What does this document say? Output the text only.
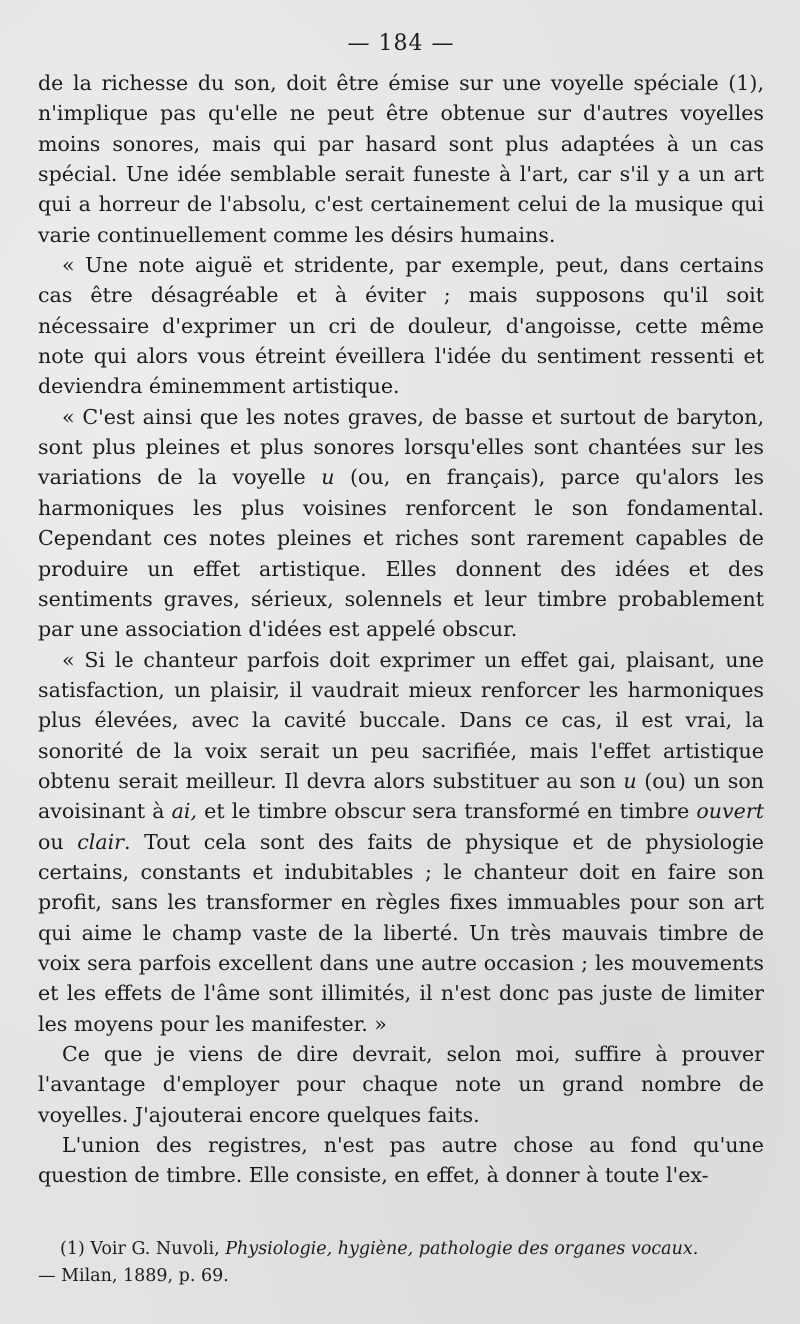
— 184 —

de la richesse du son, doit être émise sur une voyelle spéciale (1), n'implique pas qu'elle ne peut être obtenue sur d'autres voyelles moins sonores, mais qui par hasard sont plus adaptées à un cas spécial. Une idée semblable serait funeste à l'art, car s'il y a un art qui a horreur de l'absolu, c'est certainement celui de la musique qui varie continuellement comme les désirs humains.

« Une note aiguë et stridente, par exemple, peut, dans certains cas être désagréable et à éviter ; mais supposons qu'il soit nécessaire d'exprimer un cri de douleur, d'angoisse, cette même note qui alors vous étreint éveillera l'idée du sentiment ressenti et deviendra éminemment artistique.

« C'est ainsi que les notes graves, de basse et surtout de baryton, sont plus pleines et plus sonores lorsqu'elles sont chantées sur les variations de la voyelle u (ou, en français), parce qu'alors les harmoniques les plus voisines renforcent le son fondamental. Cependant ces notes pleines et riches sont rarement capables de produire un effet artistique. Elles donnent des idées et des sentiments graves, sérieux, solennels et leur timbre probablement par une association d'idées est appelé obscur.

« Si le chanteur parfois doit exprimer un effet gai, plaisant, une satisfaction, un plaisir, il vaudrait mieux renforcer les harmoniques plus élevées, avec la cavité buccale. Dans ce cas, il est vrai, la sonorité de la voix serait un peu sacrifiée, mais l'effet artistique obtenu serait meilleur. Il devra alors substituer au son u (ou) un son avoisinant à ai, et le timbre obscur sera transformé en timbre ouvert ou clair. Tout cela sont des faits de physique et de physiologie certains, constants et indubitables ; le chanteur doit en faire son profit, sans les transformer en règles fixes immuables pour son art qui aime le champ vaste de la liberté. Un très mauvais timbre de voix sera parfois excellent dans une autre occasion ; les mouvements et les effets de l'âme sont illimités, il n'est donc pas juste de limiter les moyens pour les manifester. »

Ce que je viens de dire devrait, selon moi, suffire à prouver l'avantage d'employer pour chaque note un grand nombre de voyelles. J'ajouterai encore quelques faits.

L'union des registres, n'est pas autre chose au fond qu'une question de timbre. Elle consiste, en effet, à donner à toute l'ex-

(1) Voir G. Nuvoli, Physiologie, hygiène, pathologie des organes vocaux.

— Milan, 1889, p. 69.
